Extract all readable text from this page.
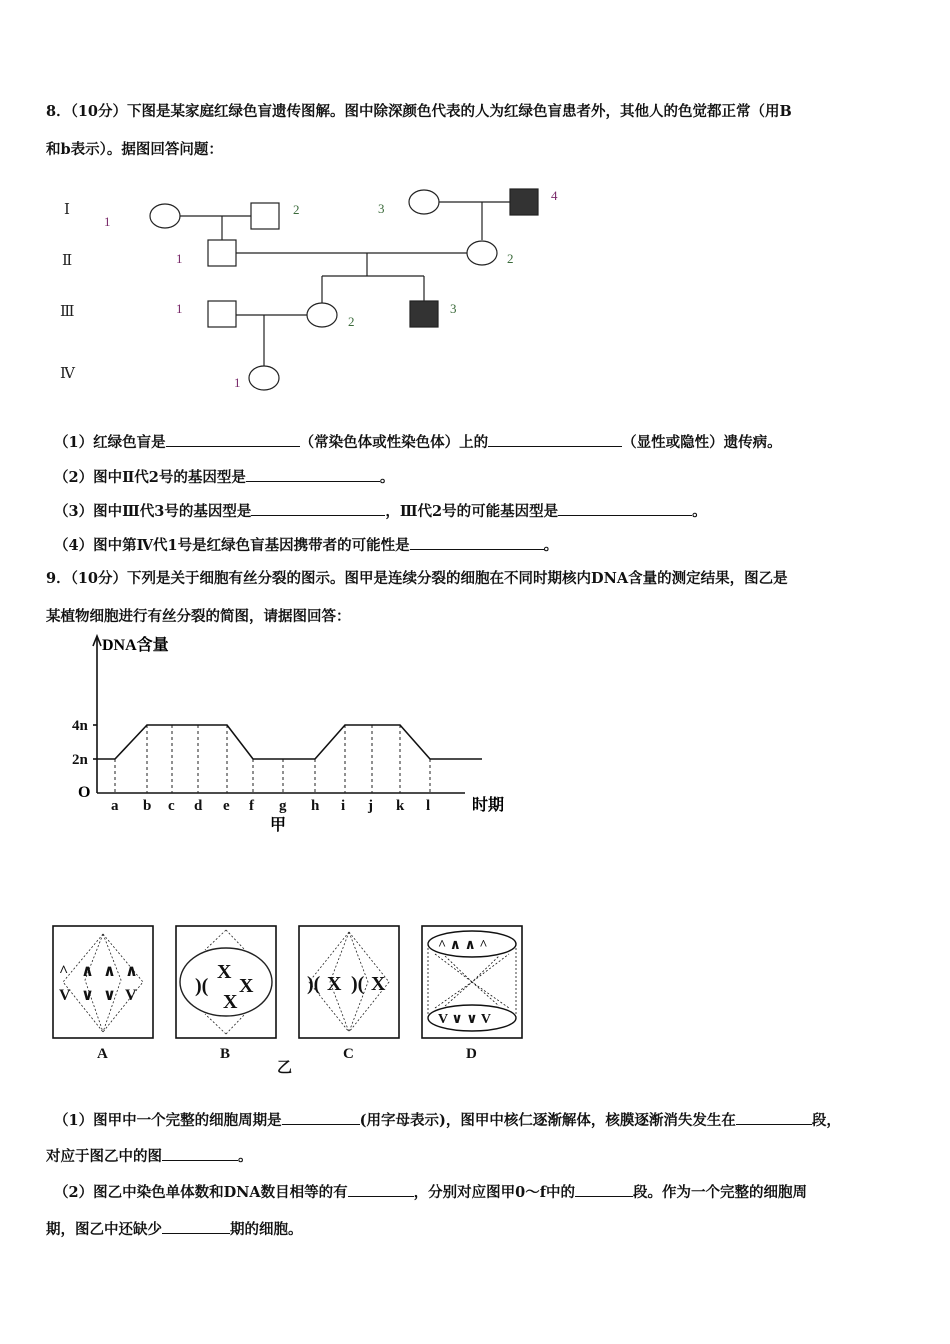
8．（10分）下图是某家庭红绿色盲遗传图解。图中除深颜色代表的人为红绿色盲患者外，其他人的色觉都正常（用B
和b表示）。据图回答问题：
Ⅰ
Ⅱ
Ⅲ
Ⅳ
1
2	3
4
1	2
1
2
3
1
（1）红绿色盲是	（常染色体或性染色体）上的	（显性或隐性）遗传病。
（2）图中Ⅱ代2号的基因型是	。
（3）图中Ⅲ代3号的基因型是	，Ⅲ代2号的可能基因型是	。
（4）图中第Ⅳ代1号是红绿色盲基因携带者的可能性是	。
9．（10分）下列是关于细胞有丝分裂的图示。图甲是连续分裂的细胞在不同时期核内DNA含量的测定结果，图乙是
某植物细胞进行有丝分裂的简图，请据图回答：
2n
4n
a b c d e f g h i j k l
DNA含量
时期
O
甲
^ ∧ ∧ ∧
V ∨ ∨ V
X
)( X
X
)( X )( X
^ ∧ ∧ ^
V ∨ ∨ V
A	B	C	D
乙
（1）图甲中一个完整的细胞周期是	(用字母表示)，图甲中核仁逐渐解体，核膜逐渐消失发生在	段，
对应于图乙中的图	。
（2）图乙中染色单体数和DNA数目相等的有	，分别对应图甲0～f中的	段。作为一个完整的细胞周
期，图乙中还缺少	期的细胞。
